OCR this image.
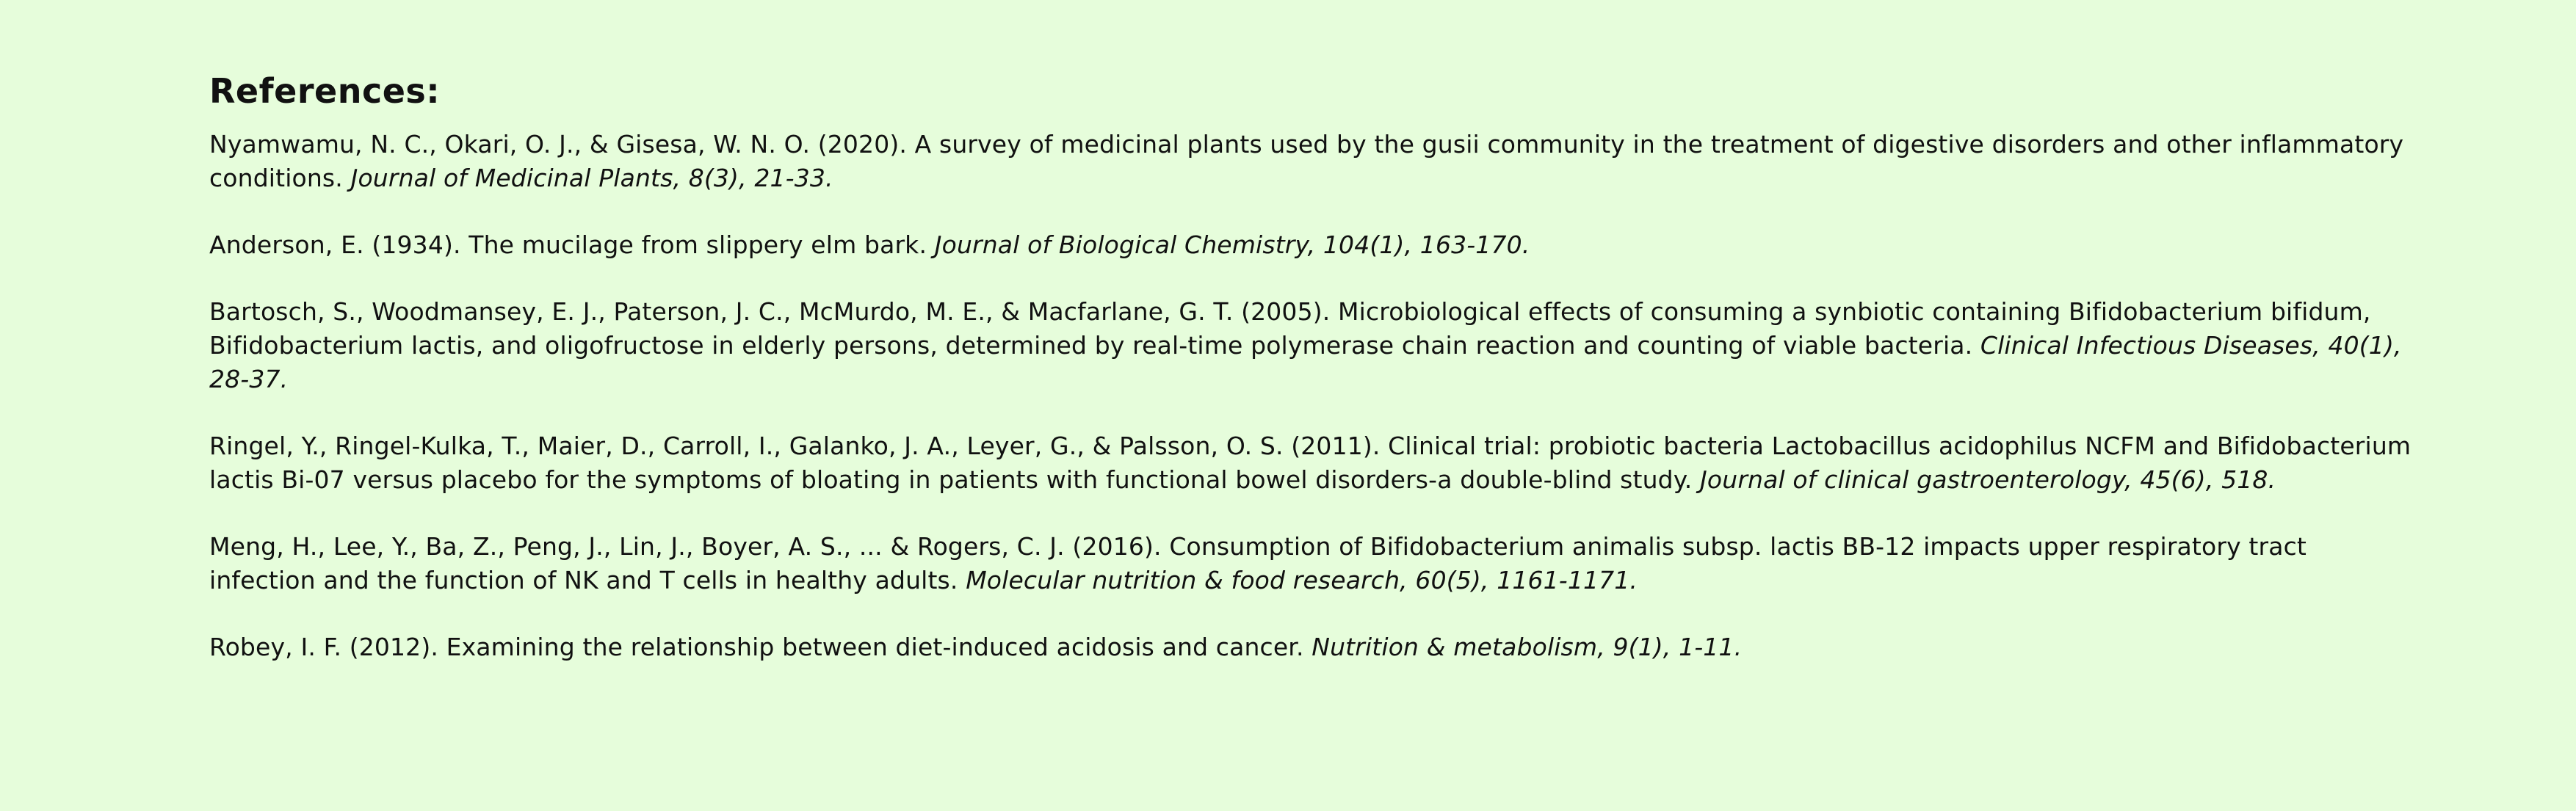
References:
Nyamwamu, N. C., Okari, O. J., & Gisesa, W. N. O. (2020). A survey of medicinal plants used by the gusii community in the treatment of digestive disorders and other inflammatory conditions. Journal of Medicinal Plants, 8(3), 21-33.
Anderson, E. (1934). The mucilage from slippery elm bark. Journal of Biological Chemistry, 104(1), 163-170.
Bartosch, S., Woodmansey, E. J., Paterson, J. C., McMurdo, M. E., & Macfarlane, G. T. (2005). Microbiological effects of consuming a synbiotic containing Bifidobacterium bifidum, Bifidobacterium lactis, and oligofructose in elderly persons, determined by real-time polymerase chain reaction and counting of viable bacteria. Clinical Infectious Diseases, 40(1), 28-37.
Ringel, Y., Ringel-Kulka, T., Maier, D., Carroll, I., Galanko, J. A., Leyer, G., & Palsson, O. S. (2011). Clinical trial: probiotic bacteria Lactobacillus acidophilus NCFM and Bifidobacterium lactis Bi-07 versus placebo for the symptoms of bloating in patients with functional bowel disorders-a double-blind study. Journal of clinical gastroenterology, 45(6), 518.
Meng, H., Lee, Y., Ba, Z., Peng, J., Lin, J., Boyer, A. S., ... & Rogers, C. J. (2016). Consumption of Bifidobacterium animalis subsp. lactis BB-12 impacts upper respiratory tract infection and the function of NK and T cells in healthy adults. Molecular nutrition & food research, 60(5), 1161-1171.
Robey, I. F. (2012). Examining the relationship between diet-induced acidosis and cancer. Nutrition & metabolism, 9(1), 1-11.
